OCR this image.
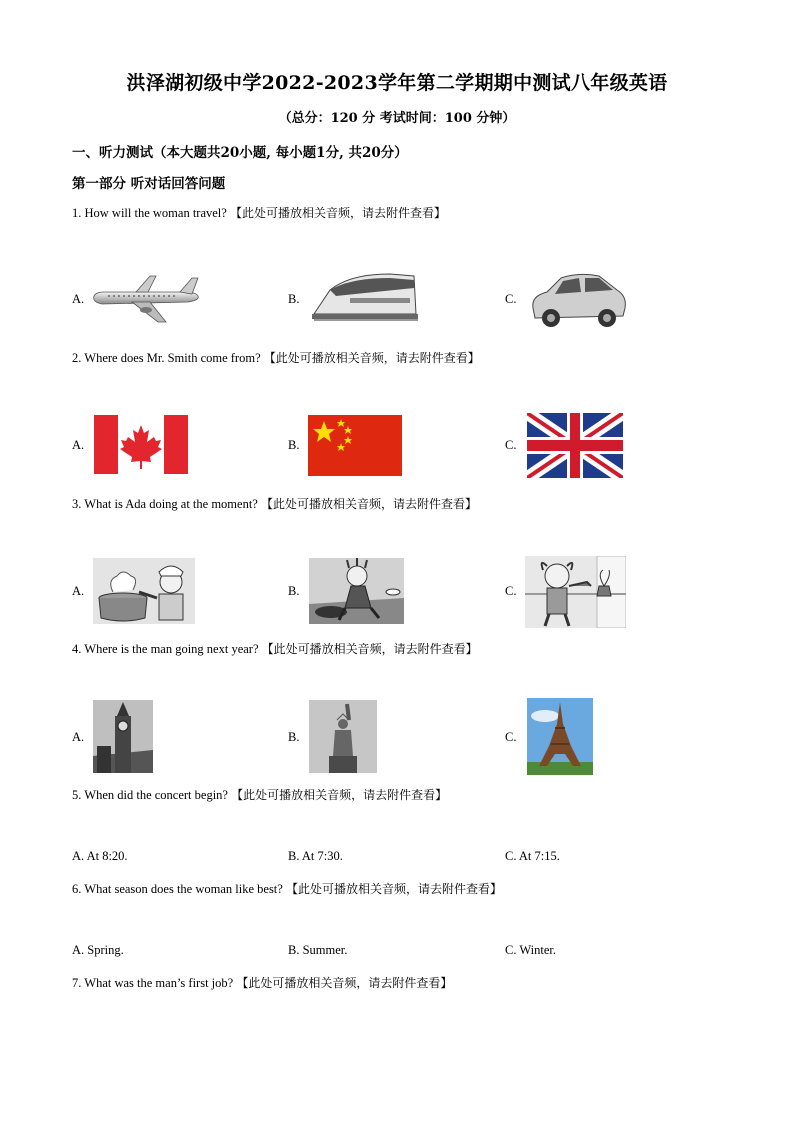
洪泽湖初级中学2022-2023学年第二学期期中测试八年级英语
（总分：120 分 考试时间：100 分钟）
一、听力测试（本大题共20小题, 每小题1分, 共20分）
第一部分 听对话回答问题
1. How will the woman travel? 【此处可播放相关音频，请去附件查看】
A.	B.	C.
2. Where does Mr. Smith come from? 【此处可播放相关音频，请去附件查看】
A.	B.	C.
3. What is Ada doing at the moment? 【此处可播放相关音频，请去附件查看】
A.	B.	C.
4. Where is the man going next year? 【此处可播放相关音频，请去附件查看】
A.	B.	C.
5. When did the concert begin? 【此处可播放相关音频，请去附件查看】
A. At 8:20.	B. At 7:30.	C. At 7:15.
6. What season does the woman like best? 【此处可播放相关音频，请去附件查看】
A. Spring.	B. Summer.	C. Winter.
7. What was the man’s first job? 【此处可播放相关音频，请去附件查看】
